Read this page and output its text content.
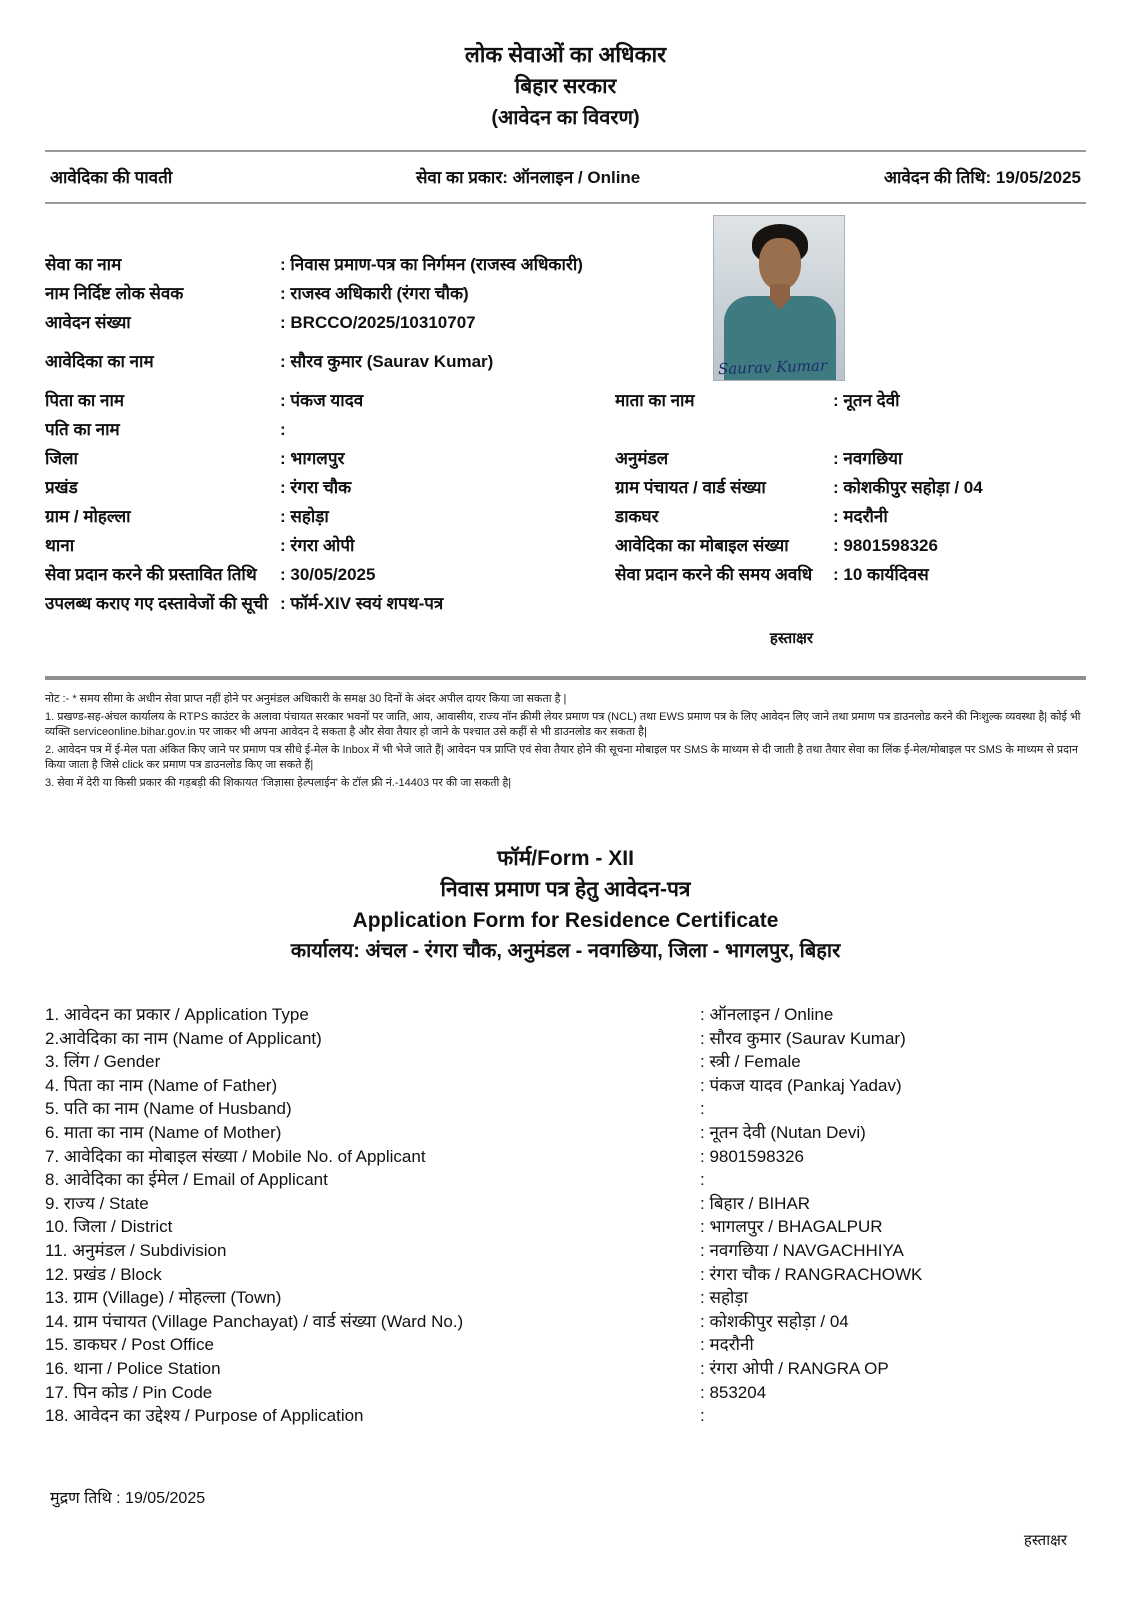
लोक सेवाओं का अधिकार
बिहार सरकार
(आवेदन का विवरण)
आवेदिका की पावती	सेवा का प्रकार: ऑनलाइन / Online	आवेदन की तिथि: 19/05/2025
Saurav Kumar
सेवा का नाम	: निवास प्रमाण-पत्र का निर्गमन (राजस्व अधिकारी)
नाम निर्दिष्ट लोक सेवक	: राजस्व अधिकारी (रंगरा चौक)
आवेदन संख्या	: BRCCO/2025/10310707
आवेदिका का नाम	: सौरव कुमार (Saurav Kumar)
पिता का नाम	: पंकज यादव	माता का नाम	: नूतन देवी
पति का नाम	:
जिला	: भागलपुर	अनुमंडल	: नवगछिया
प्रखंड	: रंगरा चौक	ग्राम पंचायत / वार्ड संख्या	: कोशकीपुर सहोड़ा / 04
ग्राम / मोहल्ला	: सहोड़ा	डाकघर	: मदरौनी
थाना	: रंगरा ओपी	आवेदिका का मोबाइल संख्या	: 9801598326
सेवा प्रदान करने की प्रस्तावित तिथि	: 30/05/2025	सेवा प्रदान करने की समय अवधि	: 10 कार्यदिवस
उपलब्ध कराए गए दस्तावेजों की सूची : फॉर्म-XIV स्वयं शपथ-पत्र
हस्ताक्षर

नोट :- * समय सीमा के अधीन सेवा प्राप्त नहीं होने पर अनुमंडल अधिकारी के समक्ष 30 दिनों के अंदर अपील दायर किया जा सकता है |

1. प्रखण्ड-सह-अंचल कार्यालय के RTPS काउंटर के अलावा पंचायत सरकार भवनों पर जाति, आय, आवासीय, राज्य नॉन क्रीमी लेयर प्रमाण पत्र (NCL) तथा EWS प्रमाण पत्र के लिए आवेदन लिए जाने तथा प्रमाण पत्र डाउनलोड करने की निःशुल्क व्यवस्था है| कोई भी व्यक्ति serviceonline.bihar.gov.in पर जाकर भी अपना आवेदन दे सकता है और सेवा तैयार हो जाने के पश्चात उसे कहीं से भी डाउनलोड कर सकता है|

2. आवेदन पत्र में ई-मेल पता अंकित किए जाने पर प्रमाण पत्र सीधे ई-मेल के Inbox में भी भेजे जाते हैं| आवेदन पत्र प्राप्ति एवं सेवा तैयार होने की सूचना मोबाइल पर SMS के माध्यम से दी जाती है तथा तैयार सेवा का लिंक ई-मेल/मोबाइल पर SMS के माध्यम से प्रदान किया जाता है जिसे click कर प्रमाण पत्र डाउनलोड किए जा सकते हैं|

3. सेवा में देरी या किसी प्रकार की गड़बड़ी की शिकायत 'जिज्ञासा हेल्पलाईन' के टॉल फ्री नं.-14403 पर की जा सकती है|

फॉर्म/Form - XII
निवास प्रमाण पत्र हेतु आवेदन-पत्र
Application Form for Residence Certificate
कार्यालय: अंचल - रंगरा चौक, अनुमंडल - नवगछिया, जिला - भागलपुर, बिहार
1. आवेदन का प्रकार / Application Type	: ऑनलाइन / Online
2.आवेदिका का नाम (Name of Applicant)	: सौरव कुमार (Saurav Kumar)
3. लिंग / Gender	: स्त्री / Female
4. पिता का नाम (Name of Father)	: पंकज यादव (Pankaj Yadav)
5. पति का नाम (Name of Husband)	:
6. माता का नाम (Name of Mother)	: नूतन देवी (Nutan Devi)
7. आवेदिका का मोबाइल संख्या / Mobile No. of Applicant	: 9801598326
8. आवेदिका का ईमेल / Email of Applicant	:
9. राज्य / State	: बिहार / BIHAR
10. जिला / District	: भागलपुर / BHAGALPUR
11. अनुमंडल / Subdivision	: नवगछिया / NAVGACHHIYA
12. प्रखंड / Block	: रंगरा चौक / RANGRACHOWK
13. ग्राम (Village) / मोहल्ला (Town)	: सहोड़ा
14. ग्राम पंचायत (Village Panchayat) / वार्ड संख्या (Ward No.)	: कोशकीपुर सहोड़ा / 04
15. डाकघर / Post Office	: मदरौनी
16. थाना / Police Station	: रंगरा ओपी / RANGRA OP
17. पिन कोड / Pin Code	: 853204
18. आवेदन का उद्देश्य / Purpose of Application	:
मुद्रण तिथि : 19/05/2025
हस्ताक्षर
